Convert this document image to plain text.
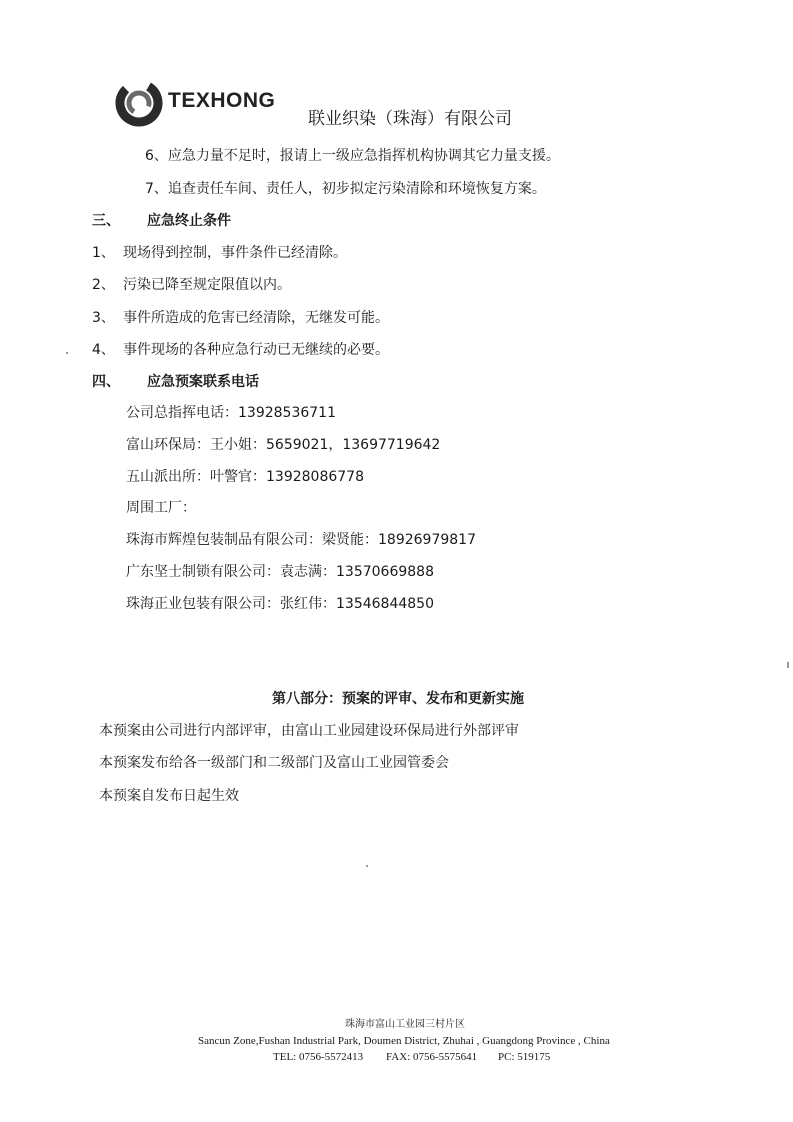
TEXHONG
联业织染（珠海）有限公司
6、应急力量不足时，报请上一级应急指挥机构协调其它力量支援。
7、追查责任车间、责任人，初步拟定污染清除和环境恢复方案。
三、 应急终止条件
1、 现场得到控制，事件条件已经清除。
2、 污染已降至规定限值以内。
3、 事件所造成的危害已经清除，无继发可能。
4、 事件现场的各种应急行动已无继续的必要。
四、 应急预案联系电话
公司总指挥电话：13928536711
富山环保局：王小姐：5659021，13697719642
五山派出所：叶警官：13928086778
周围工厂：
珠海市辉煌包装制品有限公司：梁贤能：18926979817
广东坚士制锁有限公司：袁志满：13570669888
珠海正业包装有限公司：张红伟：13546844850
第八部分：预案的评审、发布和更新实施
本预案由公司进行内部评审，由富山工业园建设环保局进行外部评审
本预案发布给各一级部门和二级部门及富山工业园管委会
本预案自发布日起生效
珠海市富山工业园三村片区
Sancun Zone,Fushan Industrial Park, Doumen District, Zhuhai , Guangdong Province , China
TEL: 0756-5572413 FAX: 0756-5575641 PC: 519175
